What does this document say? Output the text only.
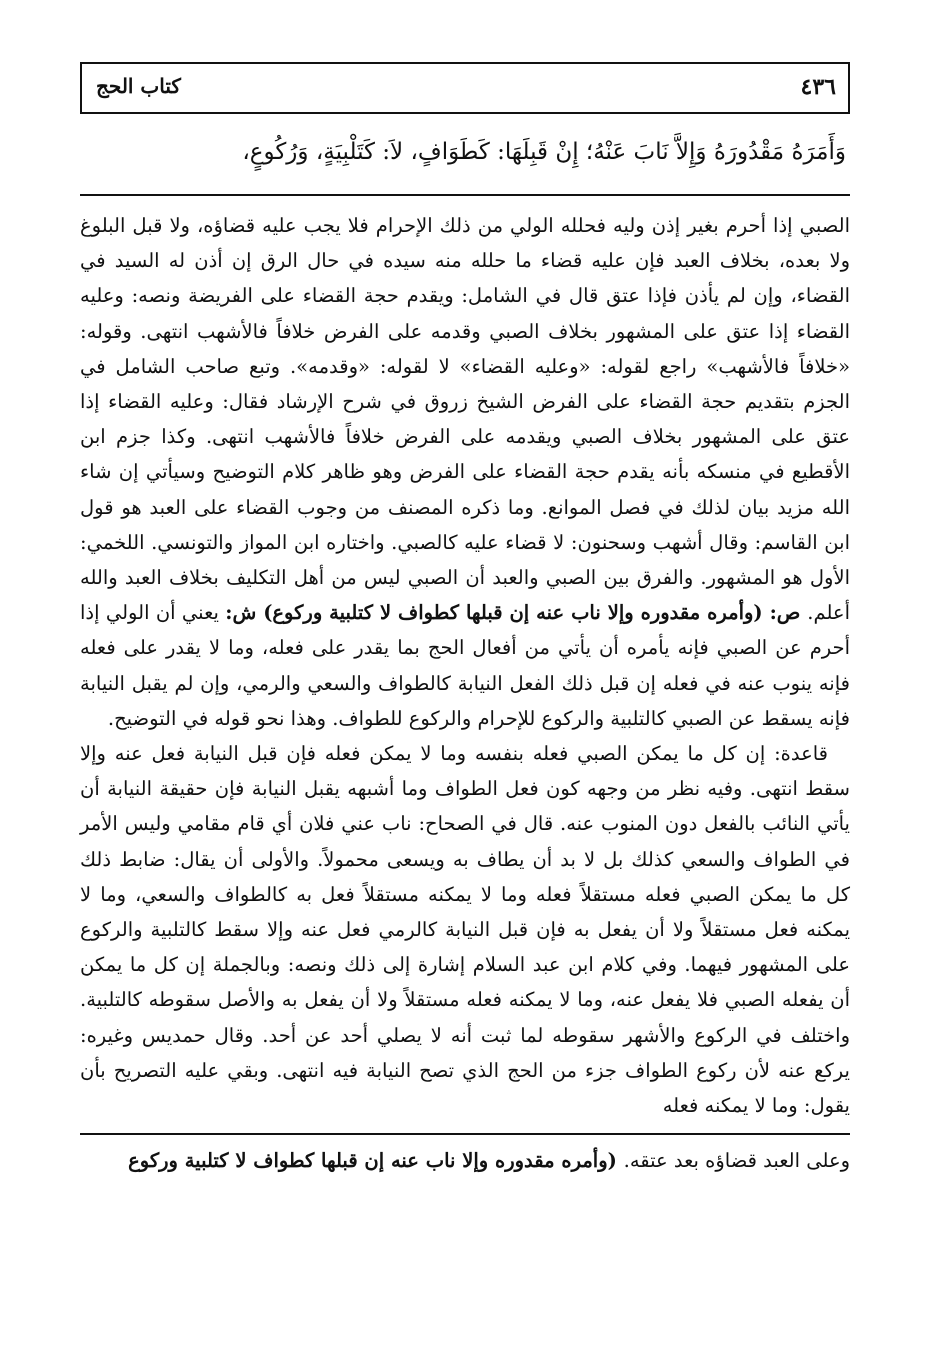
٤٣٦
كتاب الحج
وَأَمَرَهُ مَقْدُورَهُ وَإِلاَّ نَابَ عَنْهُ؛ إِنْ قَبِلَهَا: كَطَوَافٍ، لاَ: كَتَلْبِيَةٍ، وَرُكُوعٍ،

الصبي إذا أحرم بغير إذن وليه فحلله الولي من ذلك الإحرام فلا يجب عليه قضاؤه، ولا قبل البلوغ ولا بعده، بخلاف العبد فإن عليه قضاء ما حلله منه سيده في حال الرق إن أذن له السيد في القضاء، وإن لم يأذن فإذا عتق قال في الشامل: ويقدم حجة القضاء على الفريضة ونصه: وعليه القضاء إذا عتق على المشهور بخلاف الصبي وقدمه على الفرض خلافاً فالأشهب انتهى. وقوله: «خلافاً فالأشهب» راجع لقوله: «وعليه القضاء» لا لقوله: «وقدمه». وتبع صاحب الشامل في الجزم بتقديم حجة القضاء على الفرض الشيخ زروق في شرح الإرشاد فقال: وعليه القضاء إذا عتق على المشهور بخلاف الصبي ويقدمه على الفرض خلافاً فالأشهب انتهى. وكذا جزم ابن الأقطيع في منسكه بأنه يقدم حجة القضاء على الفرض وهو ظاهر كلام التوضيح وسيأتي إن شاء الله مزيد بيان لذلك في فصل الموانع. وما ذكره المصنف من وجوب القضاء على العبد هو قول ابن القاسم: وقال أشهب وسحنون: لا قضاء عليه كالصبي. واختاره ابن المواز والتونسي. اللخمي: الأول هو المشهور. والفرق بين الصبي والعبد أن الصبي ليس من أهل التكليف بخلاف العبد والله أعلم. ص: (وأمره مقدوره وإلا ناب عنه إن قبلها كطواف لا كتلبية وركوع) ش: يعني أن الولي إذا أحرم عن الصبي فإنه يأمره أن يأتي من أفعال الحج بما يقدر على فعله، وما لا يقدر على فعله فإنه ينوب عنه في فعله إن قبل ذلك الفعل النيابة كالطواف والسعي والرمي، وإن لم يقبل النيابة فإنه يسقط عن الصبي كالتلبية والركوع للإحرام والركوع للطواف. وهذا نحو قوله في التوضيح.

قاعدة: إن كل ما يمكن الصبي فعله بنفسه وما لا يمكن فعله فإن قبل النيابة فعل عنه وإلا سقط انتهى. وفيه نظر من وجهه كون فعل الطواف وما أشبهه يقبل النيابة فإن حقيقة النيابة أن يأتي النائب بالفعل دون المنوب عنه. قال في الصحاح: ناب عني فلان أي قام مقامي وليس الأمر في الطواف والسعي كذلك بل لا بد أن يطاف به ويسعى محمولاً. والأولى أن يقال: ضابط ذلك كل ما يمكن الصبي فعله مستقلاً فعله وما لا يمكنه مستقلاً فعل به كالطواف والسعي، وما لا يمكنه فعل مستقلاً ولا أن يفعل به فإن قبل النيابة كالرمي فعل عنه وإلا سقط كالتلبية والركوع على المشهور فيهما. وفي كلام ابن عبد السلام إشارة إلى ذلك ونصه: وبالجملة إن كل ما يمكن أن يفعله الصبي فلا يفعل عنه، وما لا يمكنه فعله مستقلاً ولا أن يفعل به والأصل سقوطه كالتلبية. واختلف في الركوع والأشهر سقوطه لما ثبت أنه لا يصلي أحد عن أحد. وقال حمديس وغيره: يركع عنه لأن ركوع الطواف جزء من الحج الذي تصح النيابة فيه انتهى. وبقي عليه التصريح بأن يقول: وما لا يمكنه فعله

وعلى العبد قضاؤه بعد عتقه. (وأمره مقدوره وإلا ناب عنه إن قبلها كطواف لا كتلبية وركوع
